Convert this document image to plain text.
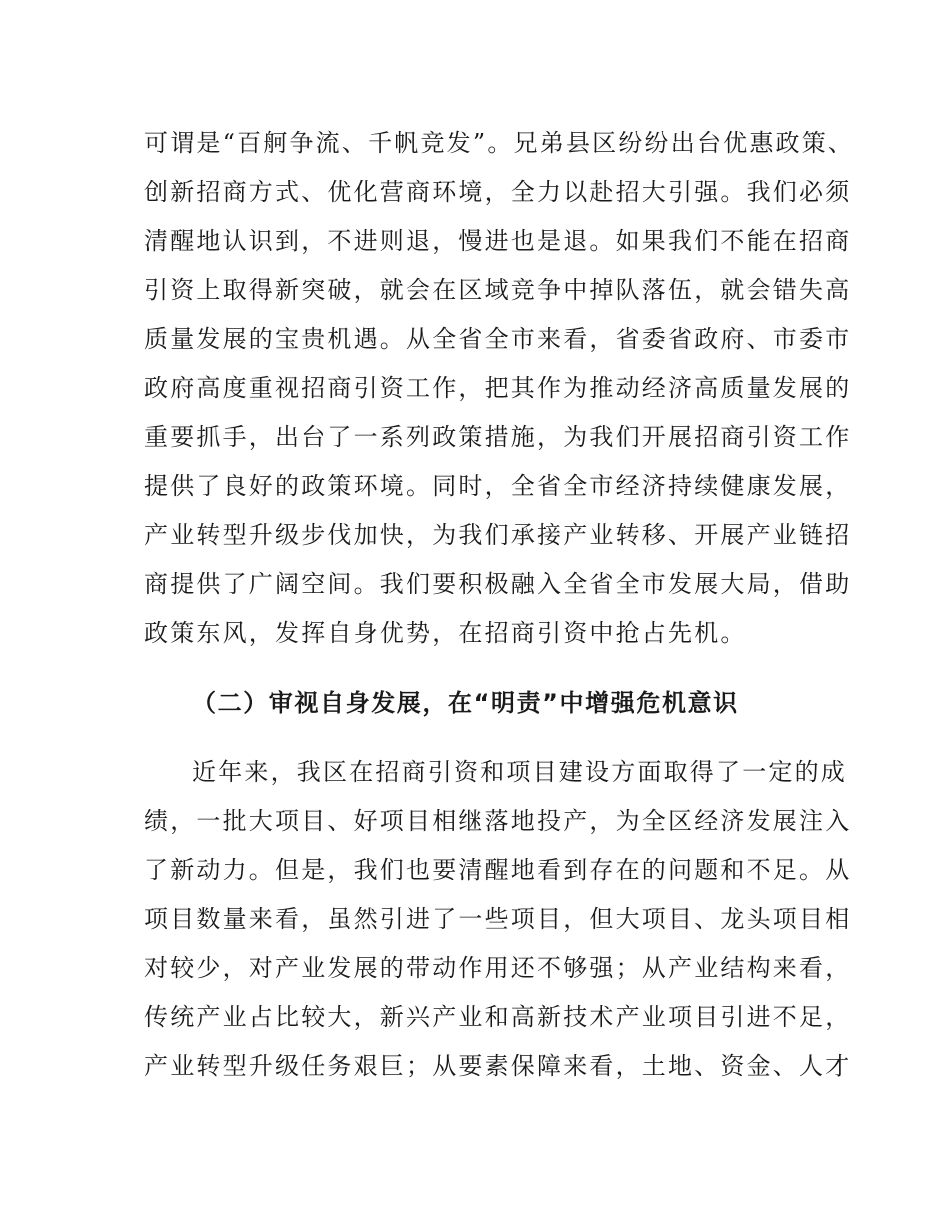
可谓是“百舸争流、千帆竞发”。兄弟县区纷纷出台优惠政策、
创新招商方式、优化营商环境，全力以赴招大引强。我们必须
清醒地认识到，不进则退，慢进也是退。如果我们不能在招商
引资上取得新突破，就会在区域竞争中掉队落伍，就会错失高
质量发展的宝贵机遇。从全省全市来看，省委省政府、市委市
政府高度重视招商引资工作，把其作为推动经济高质量发展的
重要抓手，出台了一系列政策措施，为我们开展招商引资工作
提供了良好的政策环境。同时，全省全市经济持续健康发展，
产业转型升级步伐加快，为我们承接产业转移、开展产业链招
商提供了广阔空间。我们要积极融入全省全市发展大局，借助
政策东风，发挥自身优势，在招商引资中抢占先机。
（二）审视自身发展，在“明责”中增强危机意识
近年来，我区在招商引资和项目建设方面取得了一定的成
绩，一批大项目、好项目相继落地投产，为全区经济发展注入
了新动力。但是，我们也要清醒地看到存在的问题和不足。从
项目数量来看，虽然引进了一些项目，但大项目、龙头项目相
对较少，对产业发展的带动作用还不够强；从产业结构来看，
传统产业占比较大，新兴产业和高新技术产业项目引进不足，
产业转型升级任务艰巨；从要素保障来看，土地、资金、人才
